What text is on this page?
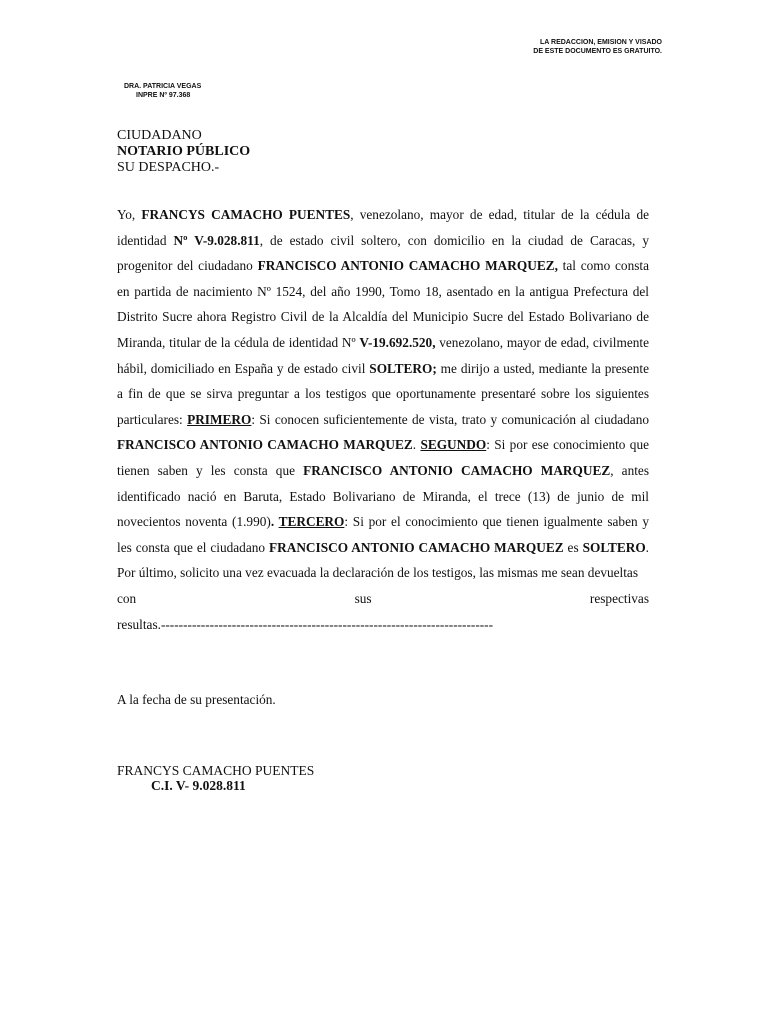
LA REDACCION, EMISION Y VISADO
DE ESTE DOCUMENTO ES GRATUITO.
DRA. PATRICIA VEGAS
INPRE Nº 97.368
CIUDADANO
NOTARIO PÚBLICO
SU DESPACHO.-
Yo, FRANCYS CAMACHO PUENTES, venezolano, mayor de edad, titular de la cédula de identidad Nº V-9.028.811, de estado civil soltero, con domicilio en la ciudad de Caracas, y progenitor del ciudadano FRANCISCO ANTONIO CAMACHO MARQUEZ, tal como consta en partida de nacimiento Nº 1524, del año 1990, Tomo 18, asentado en la antigua Prefectura del Distrito Sucre ahora Registro Civil de la Alcaldía del Municipio Sucre del Estado Bolivariano de Miranda, titular de la cédula de identidad Nº V-19.692.520, venezolano, mayor de edad, civilmente hábil, domiciliado en España y de estado civil SOLTERO; me dirijo a usted, mediante la presente a fin de que se sirva preguntar a los testigos que oportunamente presentaré sobre los siguientes particulares: PRIMERO: Si conocen suficientemente de vista, trato y comunicación al ciudadano FRANCISCO ANTONIO CAMACHO MARQUEZ. SEGUNDO: Si por ese conocimiento que tienen saben y les consta que FRANCISCO ANTONIO CAMACHO MARQUEZ, antes identificado nació en Baruta, Estado Bolivariano de Miranda, el trece (13) de junio de mil novecientos noventa (1.990). TERCERO: Si por el conocimiento que tienen igualmente saben y les consta que el ciudadano FRANCISCO ANTONIO CAMACHO MARQUEZ es SOLTERO. Por último, solicito una vez evacuada la declaración de los testigos, las mismas me sean devueltas
con	sus	respectivas
resultas.---------------------------------------------------------------------------
A la fecha de su presentación.
FRANCYS CAMACHO PUENTES
C.I. V- 9.028.811
